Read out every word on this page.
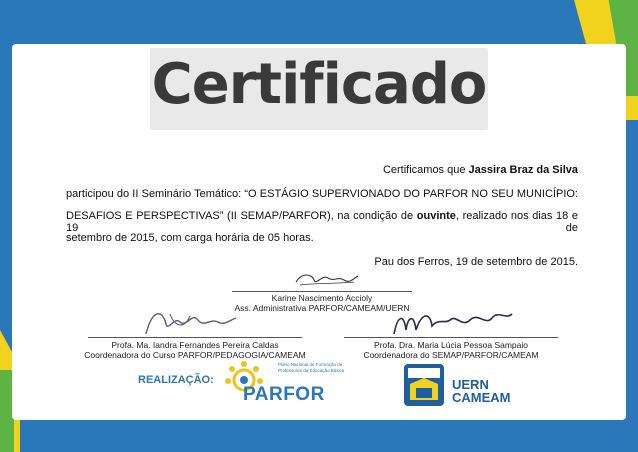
Certificado
Certificamos que Jassira Braz da Silva
participou do II Seminário Temático: “O ESTÁGIO SUPERVIONADO DO PARFOR NO SEU MUNICÍPIO:
DESAFIOS E PERSPECTIVAS” (II SEMAP/PARFOR), na condição de ouvinte, realizado nos dias 18 e 19 de
setembro de 2015, com carga horária de 05 horas.
Pau dos Ferros, 19 de setembro de 2015.
Karine Nascimento Accioly
Ass. Administrativa PARFOR/CAMEAM/UERN
Profa. Ma. Iandra Fernandes Pereira Caldas
Coordenadora do Curso PARFOR/PEDAGOGIA/CAMEAM
Profa. Dra. Maria Lúcia Pessoa Sampaio
Coordenadora do SEMAP/PARFOR/CAMEAM
REALIZAÇÃO:
Plano Nacional de Formação de Professores da Educação Básica
PARFOR	UERN
CAMEAM
